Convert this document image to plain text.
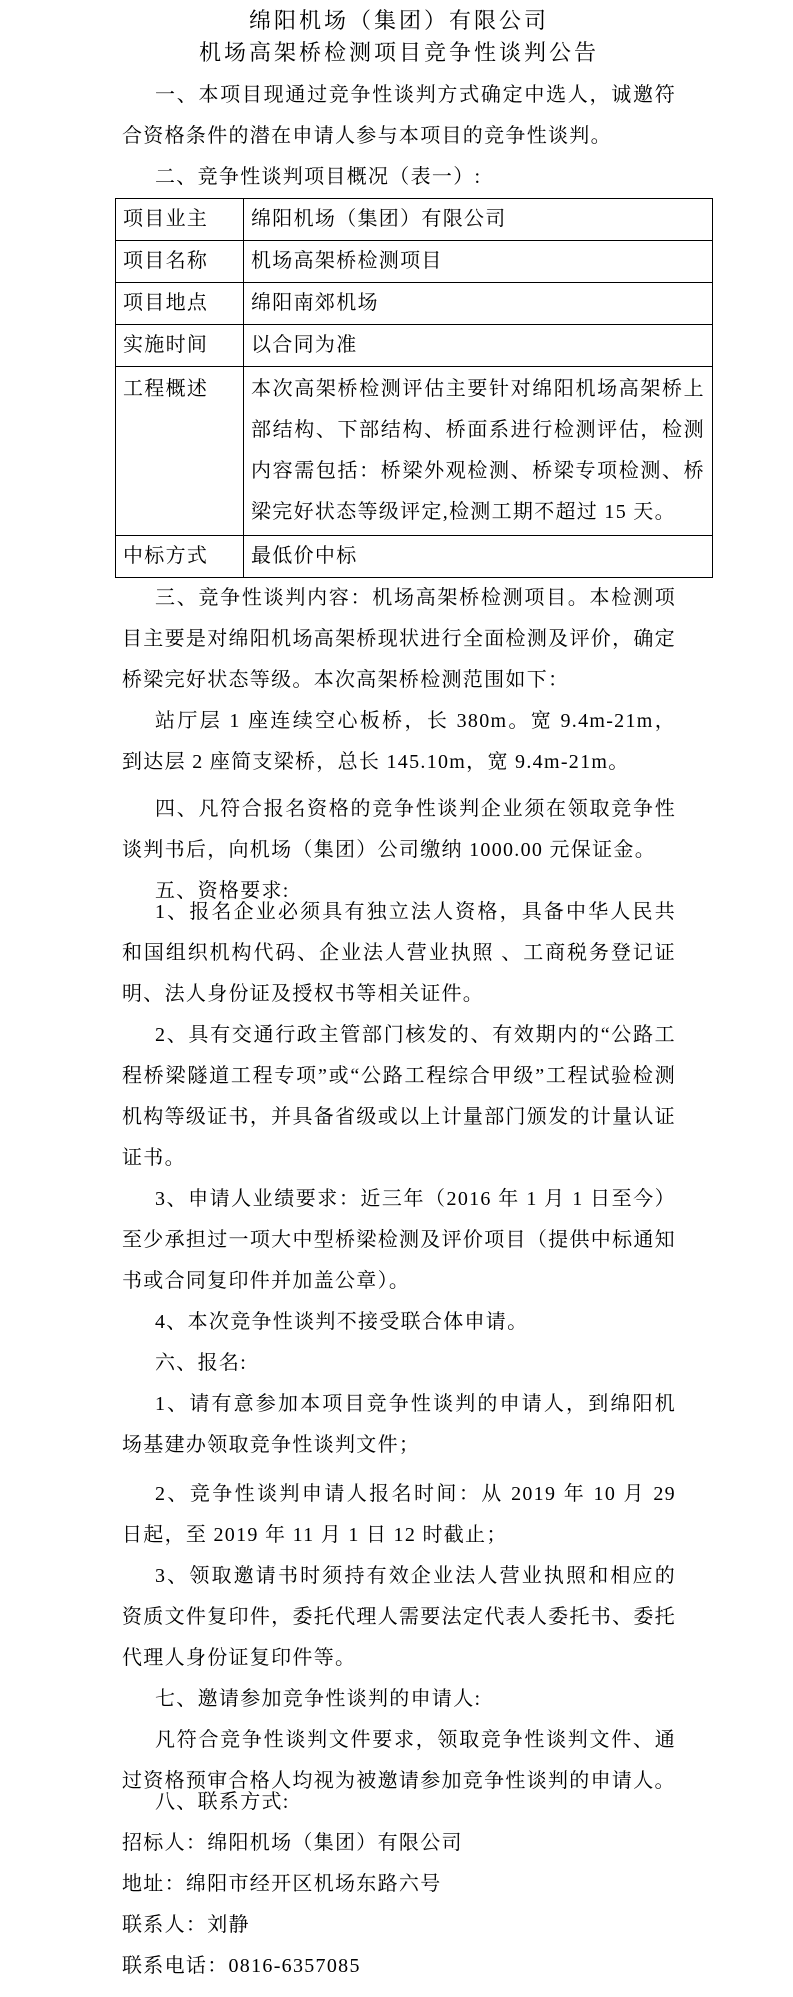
绵阳机场（集团）有限公司
机场高架桥检测项目竞争性谈判公告

一、本项目现通过竞争性谈判方式确定中选人，诚邀符合资格条件的潜在申请人参与本项目的竞争性谈判。

二、竞争性谈判项目概况（表一）:

项目业主	绵阳机场（集团）有限公司
项目名称	机场高架桥检测项目
项目地点	绵阳南郊机场
实施时间	以合同为准
工程概述	本次高架桥检测评估主要针对绵阳机场高架桥上部结构、下部结构、桥面系进行检测评估，检测内容需包括：桥梁外观检测、桥梁专项检测、桥梁完好状态等级评定,检测工期不超过 15 天。
中标方式	最低价中标

三、竞争性谈判内容：机场高架桥检测项目。本检测项目主要是对绵阳机场高架桥现状进行全面检测及评价，确定桥梁完好状态等级。本次高架桥检测范围如下：

站厅层 1 座连续空心板桥，长 380m。宽 9.4m-21m，到达层 2 座简支梁桥，总长 145.10m，宽 9.4m-21m。

四、凡符合报名资格的竞争性谈判企业须在领取竞争性谈判书后，向机场（集团）公司缴纳 1000.00 元保证金。

五、资格要求:

1、报名企业必须具有独立法人资格，具备中华人民共和国组织机构代码、企业法人营业执照 、工商税务登记证明、法人身份证及授权书等相关证件。

2、具有交通行政主管部门核发的、有效期内的“公路工程桥梁隧道工程专项”或“公路工程综合甲级”工程试验检测机构等级证书，并具备省级或以上计量部门颁发的计量认证证书。

3、申请人业绩要求：近三年（2016 年 1 月 1 日至今）至少承担过一项大中型桥梁检测及评价项目（提供中标通知书或合同复印件并加盖公章）。

4、本次竞争性谈判不接受联合体申请。

六、报名:

1、请有意参加本项目竞争性谈判的申请人，到绵阳机场基建办领取竞争性谈判文件；

2、竞争性谈判申请人报名时间：从 2019 年 10 月 29 日起，至 2019 年 11 月 1 日 12 时截止；

3、领取邀请书时须持有效企业法人营业执照和相应的资质文件复印件，委托代理人需要法定代表人委托书、委托代理人身份证复印件等。

七、邀请参加竞争性谈判的申请人:

凡符合竞争性谈判文件要求，领取竞争性谈判文件、通过资格预审合格人均视为被邀请参加竞争性谈判的申请人。

八、联系方式:

招标人：绵阳机场（集团）有限公司

地址：绵阳市经开区机场东路六号

联系人：刘静

联系电话：0816-6357085
